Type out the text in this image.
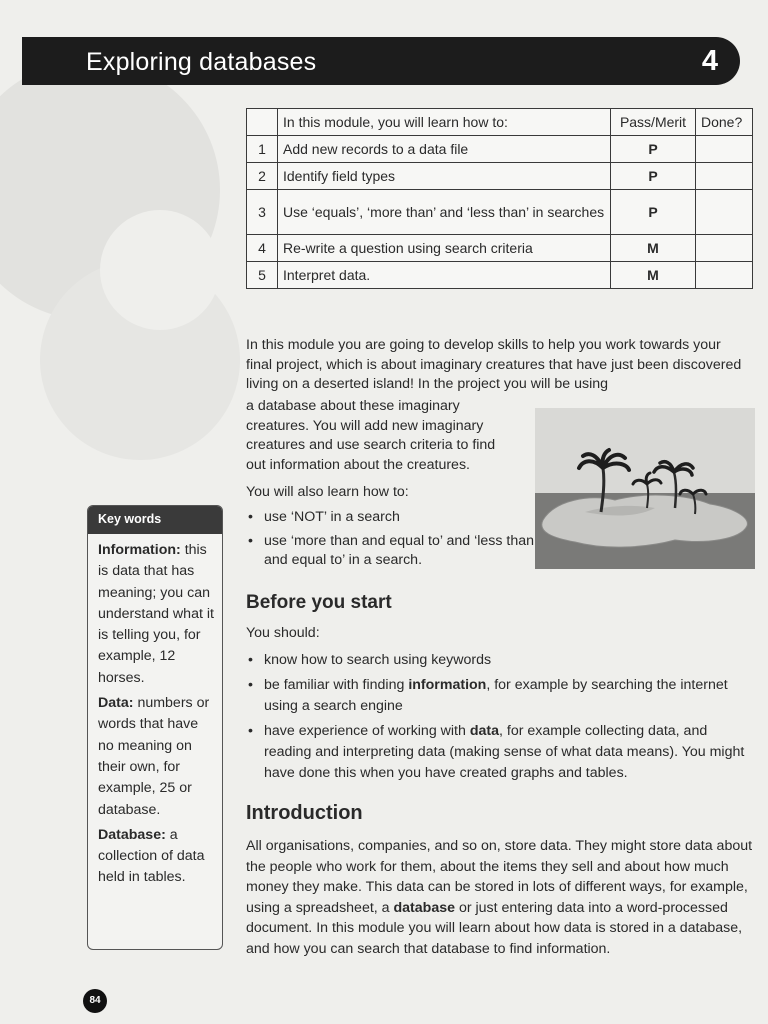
Exploring databases	4
	In this module, you will learn how to:	Pass/Merit	Done?
1	Add new records to a data file	P	
2	Identify field types	P	
3	Use ‘equals’, ‘more than’ and ‘less than’ in searches	P	
4	Re-write a question using search criteria	M	
5	Interpret data.	M	
In this module you are going to develop skills to help you work towards your final project, which is about imaginary creatures that have just been discovered living on a deserted island! In the project you will be using
a database about these imaginary creatures. You will add new imaginary creatures and use search criteria to find out information about the creatures.
You will also learn how to:
• use ‘NOT’ in a search
• use ‘more than and equal to’ and ‘less than and equal to’ in a search.
Before you start
You should:
• know how to search using keywords
• be familiar with finding information, for example by searching the internet using a search engine
• have experience of working with data, for example collecting data, and reading and interpreting data (making sense of what data means). You might have done this when you have created graphs and tables.
Introduction
All organisations, companies, and so on, store data. They might store data about the people who work for them, about the items they sell and about how much money they make. This data can be stored in lots of different ways, for example, using a spreadsheet, a database or just entering data into a word-processed document. In this module you will learn about how data is stored in a database, and how you can search that database to find information.
Key words
Information: this is data that has meaning; you can understand what it is telling you, for example, 12 horses.
Data: numbers or words that have no meaning on their own, for example, 25 or database.
Database: a collection of data held in tables.
84
